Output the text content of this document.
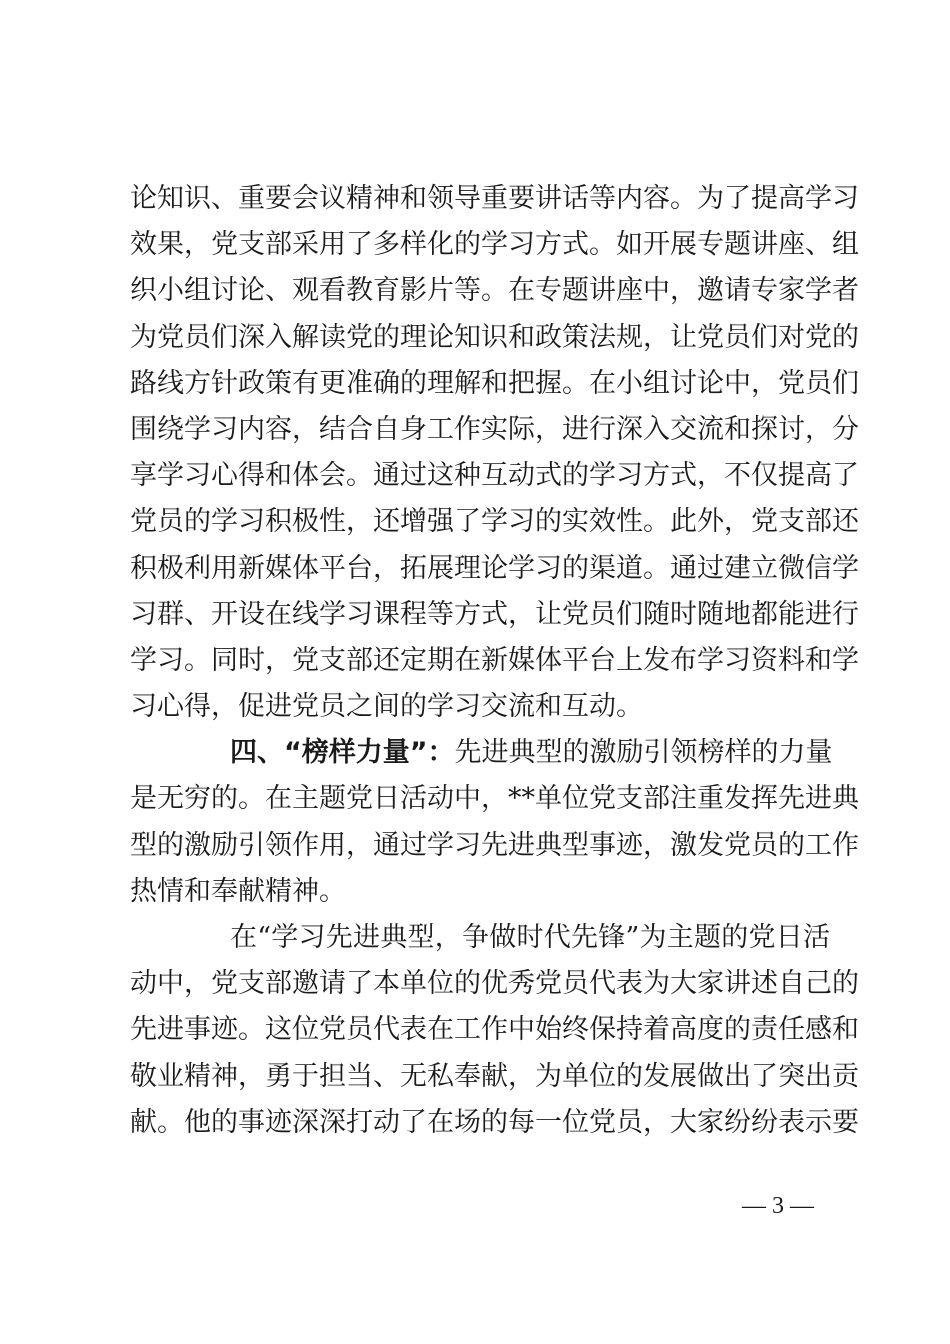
论知识、重要会议精神和领导重要讲话等内容。为了提高学习
效果，党支部采用了多样化的学习方式。如开展专题讲座、组
织小组讨论、观看教育影片等。在专题讲座中，邀请专家学者
为党员们深入解读党的理论知识和政策法规，让党员们对党的
路线方针政策有更准确的理解和把握。在小组讨论中，党员们
围绕学习内容，结合自身工作实际，进行深入交流和探讨，分
享学习心得和体会。通过这种互动式的学习方式，不仅提高了
党员的学习积极性，还增强了学习的实效性。此外，党支部还
积极利用新媒体平台，拓展理论学习的渠道。通过建立微信学
习群、开设在线学习课程等方式，让党员们随时随地都能进行
学习。同时，党支部还定期在新媒体平台上发布学习资料和学
习心得，促进党员之间的学习交流和互动。
四、“榜样力量”：先进典型的激励引领榜样的力量
是无穷的。在主题党日活动中，**单位党支部注重发挥先进典
型的激励引领作用，通过学习先进典型事迹，激发党员的工作
热情和奉献精神。
在“学习先进典型，争做时代先锋”为主题的党日活
动中，党支部邀请了本单位的优秀党员代表为大家讲述自己的
先进事迹。这位党员代表在工作中始终保持着高度的责任感和
敬业精神，勇于担当、无私奉献，为单位的发展做出了突出贡
献。他的事迹深深打动了在场的每一位党员，大家纷纷表示要
— 3 —
